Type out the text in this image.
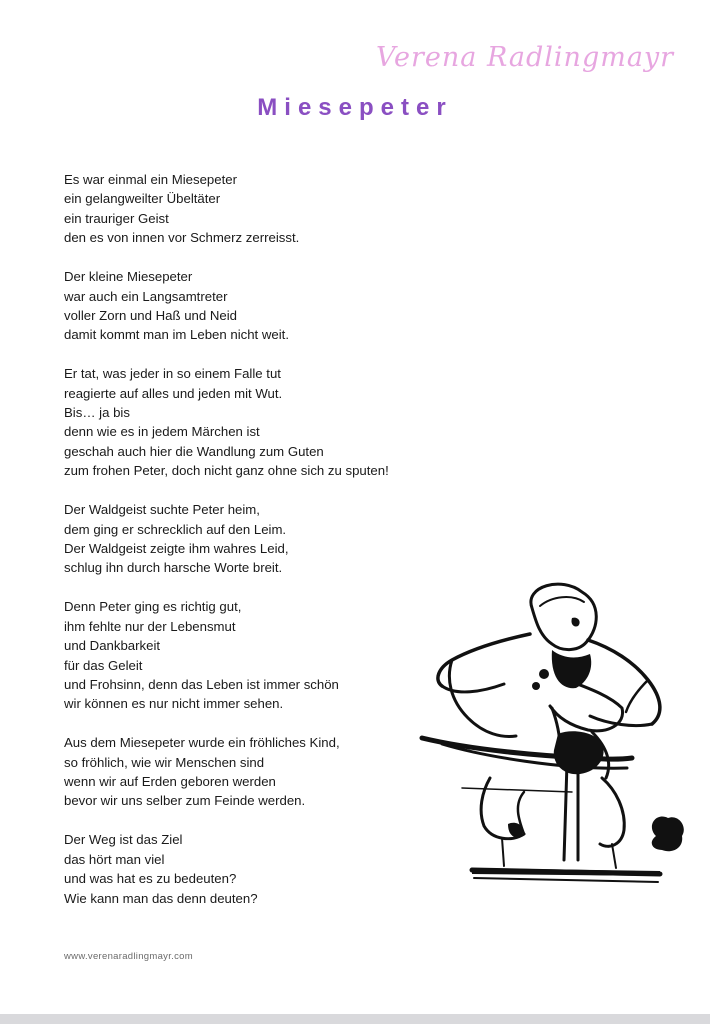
Verena Radlingmayr
Miesepeter
Es war einmal ein Miesepeter
ein gelangweilter Übeltäter
ein trauriger Geist
den es von innen vor Schmerz zerreisst.
Der kleine Miesepeter
war auch ein Langsamtreter
voller Zorn und Haß und Neid
damit kommt man im Leben nicht weit.
Er tat, was jeder in so einem Falle tut
reagierte auf alles und jeden mit Wut.
Bis… ja bis
denn wie es in jedem Märchen ist
geschah auch hier die Wandlung zum Guten
zum frohen Peter, doch nicht ganz ohne sich zu sputen!
Der Waldgeist suchte Peter heim,
dem ging er schrecklich auf den Leim.
Der Waldgeist zeigte ihm wahres Leid,
schlug ihn durch harsche Worte breit.
Denn Peter ging es richtig gut,
ihm fehlte nur der Lebensmut
und Dankbarkeit
für das Geleit
und Frohsinn, denn das Leben ist immer schön
wir können es nur nicht immer sehen.
Aus dem Miesepeter wurde ein fröhliches Kind,
so fröhlich, wie wir Menschen sind
wenn wir auf Erden geboren werden
bevor wir uns selber zum Feinde werden.
Der Weg ist das Ziel
das hört man viel
und was hat es zu bedeuten?
Wie kann man das denn deuten?
www.verenaradlingmayr.com
